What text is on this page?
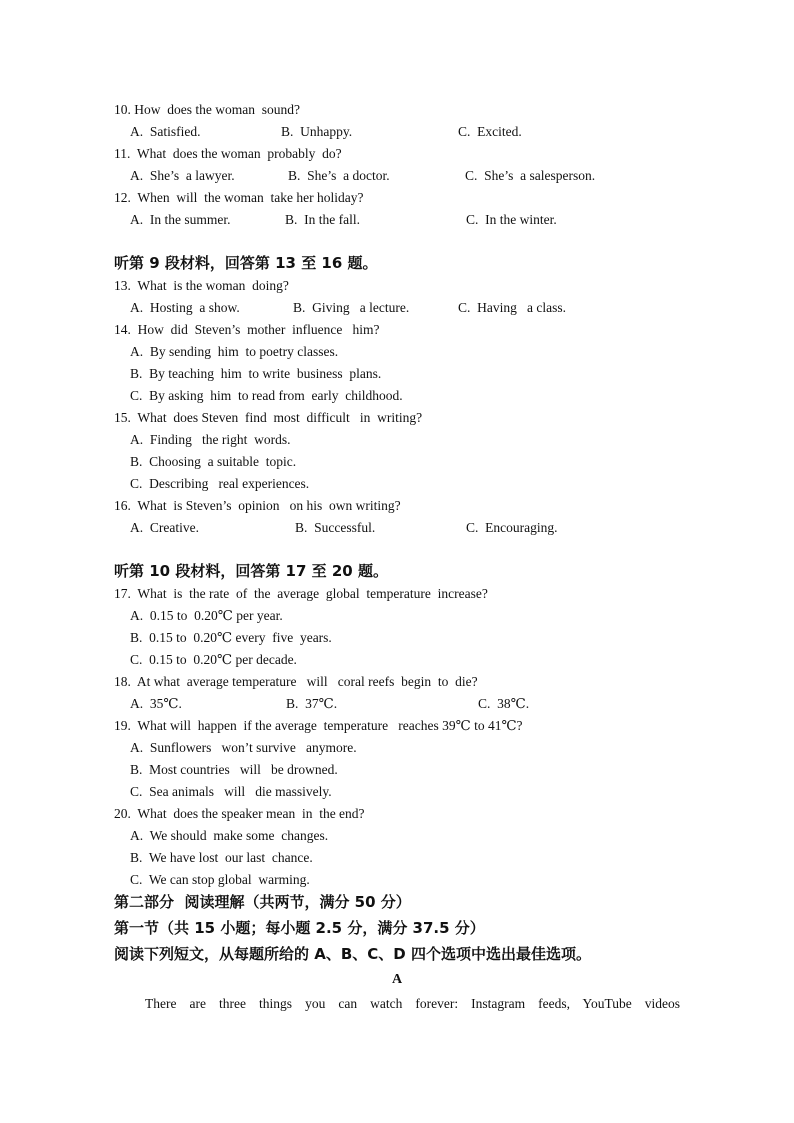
10. How  does the woman  sound?
A.  Satisfied.	B.  Unhappy.	C.  Excited.
11.  What  does the woman  probably  do?
A.  She’s  a lawyer.	B.  She’s  a doctor.	C.  She’s  a salesperson.
12.  When  will  the woman  take her holiday?
A.  In the summer.	B.  In the fall.	C.  In the winter.
听第 9 段材料，回答第 13 至 16 题。
13.  What  is the woman  doing?
A.  Hosting  a show.	B.  Giving   a lecture.	C.  Having   a class.
14.  How  did  Steven’s  mother  influence   him?
A.  By sending  him  to poetry classes.
B.  By teaching  him  to write  business  plans.
C.  By asking  him  to read from  early  childhood.
15.  What  does Steven  find  most  difficult   in  writing?
A.  Finding   the right  words.
B.  Choosing  a suitable  topic.
C.  Describing   real experiences.
16.  What  is Steven’s  opinion   on his  own writing?
A.  Creative.	B.  Successful.	C.  Encouraging.
听第 10 段材料，回答第 17 至 20 题。
17.  What  is  the rate  of  the  average  global  temperature  increase?
A.  0.15 to  0.20℃ per year.
B.  0.15 to  0.20℃ every  five  years.
C.  0.15 to  0.20℃ per decade.
18.  At what  average temperature   will   coral reefs  begin  to  die?
A.  35℃.	B.  37℃.	C.  38℃.
19.  What will  happen  if the average  temperature   reaches 39℃ to 41℃?
A.  Sunflowers   won’t survive   anymore.
B.  Most countries   will   be drowned.
C.  Sea animals   will   die massively.
20.  What  does the speaker mean  in  the end?
A.  We should  make some  changes.
B.  We have lost  our last  chance.
C.  We can stop global  warming.
第二部分  阅读理解（共两节，满分 50 分）
第一节（共 15 小题；每小题 2.5 分，满分 37.5 分）
阅读下列短文，从每题所给的 A、B、C、D 四个选项中选出最佳选项。
A
There are three things you can watch forever: Instagram feeds, YouTube videos
